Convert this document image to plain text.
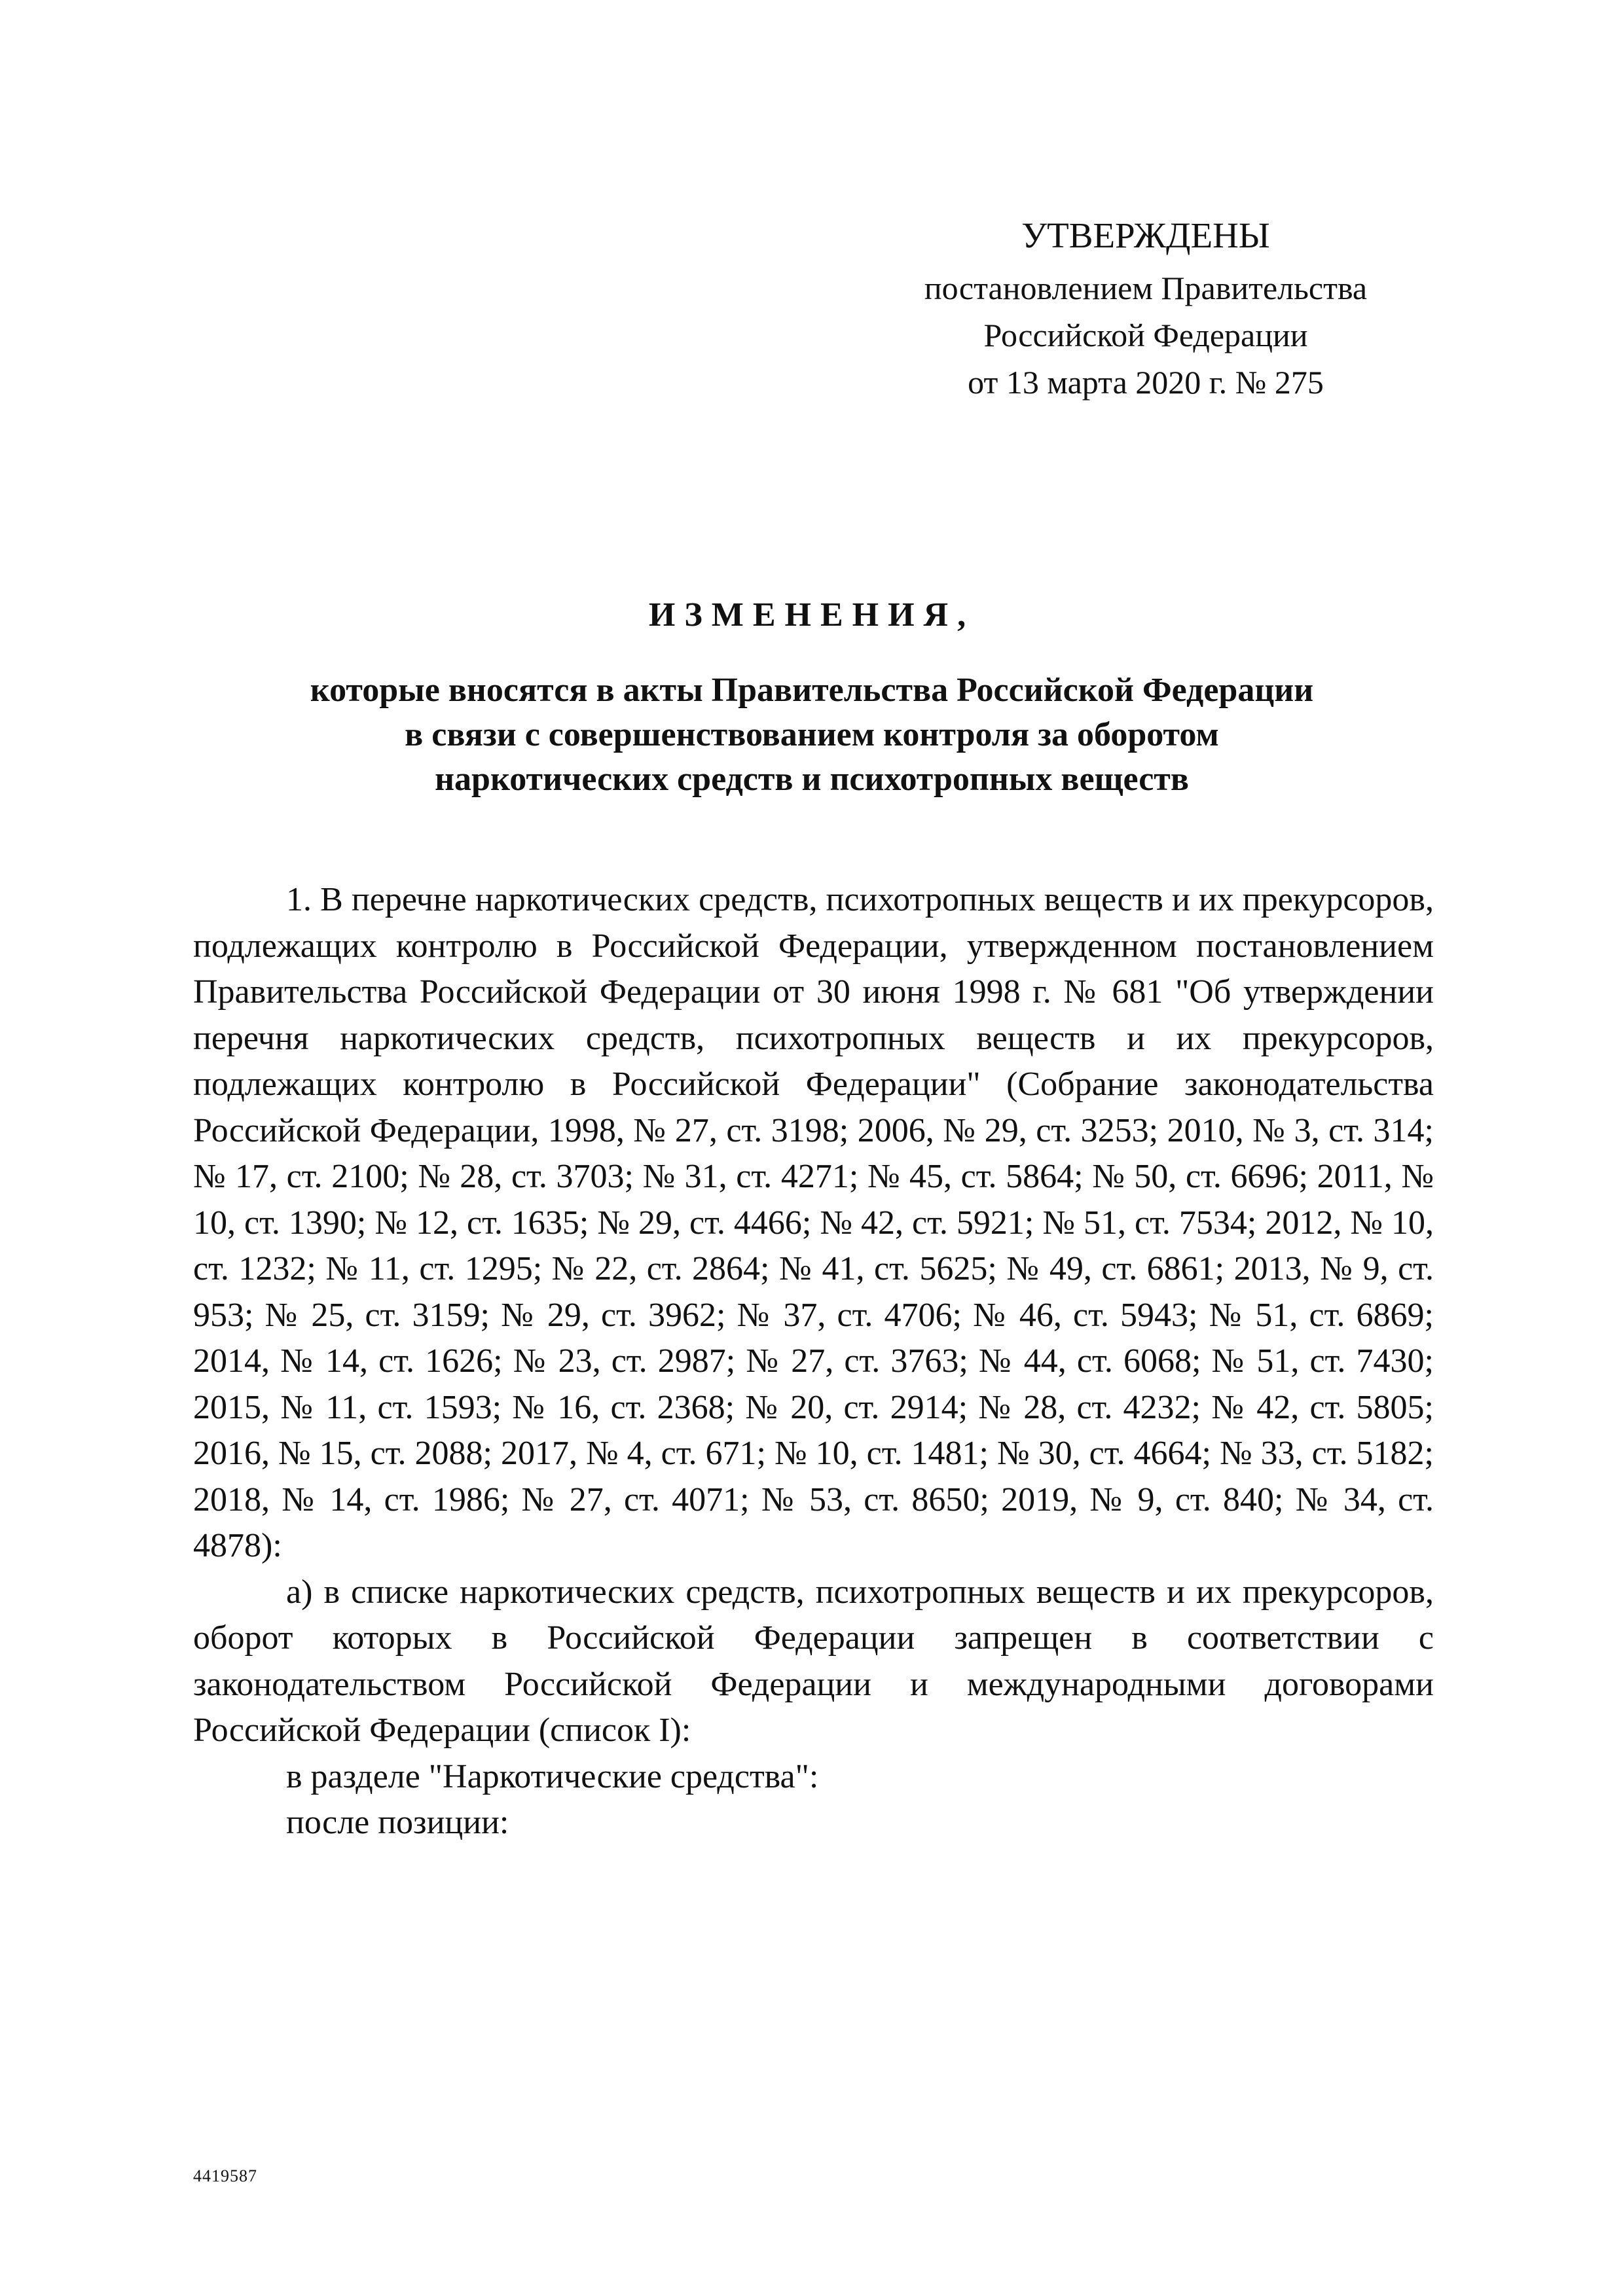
УТВЕРЖДЕНЫ
постановлением Правительства
Российской Федерации
от 13 марта 2020 г. № 275
ИЗМЕНЕНИЯ,
которые вносятся в акты Правительства Российской Федерации
в связи с совершенствованием контроля за оборотом
наркотических средств и психотропных веществ

1. В перечне наркотических средств, психотропных веществ и их прекурсоров, подлежащих контролю в Российской Федерации, утвержденном постановлением Правительства Российской Федерации от 30 июня 1998 г. № 681 "Об утверждении перечня наркотических средств, психотропных веществ и их прекурсоров, подлежащих контролю в Российской Федерации" (Собрание законодательства Российской Федерации, 1998, № 27, ст. 3198; 2006, № 29, ст. 3253; 2010, № 3, ст. 314; № 17, ст. 2100; № 28, ст. 3703; № 31, ст. 4271; № 45, ст. 5864; № 50, ст. 6696; 2011, № 10, ст. 1390; № 12, ст. 1635; № 29, ст. 4466; № 42, ст. 5921; № 51, ст. 7534; 2012, № 10, ст. 1232; № 11, ст. 1295; № 22, ст. 2864; № 41, ст. 5625; № 49, ст. 6861; 2013, № 9, ст. 953; № 25, ст. 3159; № 29, ст. 3962; № 37, ст. 4706; № 46, ст. 5943; № 51, ст. 6869; 2014, № 14, ст. 1626; № 23, ст. 2987; № 27, ст. 3763; № 44, ст. 6068; № 51, ст. 7430; 2015, № 11, ст. 1593; № 16, ст. 2368; № 20, ст. 2914; № 28, ст. 4232; № 42, ст. 5805; 2016, № 15, ст. 2088; 2017, № 4, ст. 671; № 10, ст. 1481; № 30, ст. 4664; № 33, ст. 5182; 2018, № 14, ст. 1986; № 27, ст. 4071; № 53, ст. 8650; 2019, № 9, ст. 840; № 34, ст. 4878):

а) в списке наркотических средств, психотропных веществ и их прекурсоров, оборот которых в Российской Федерации запрещен в соответствии с законодательством Российской Федерации и международными договорами Российской Федерации (список I):

в разделе "Наркотические средства":

после позиции:

4419587
